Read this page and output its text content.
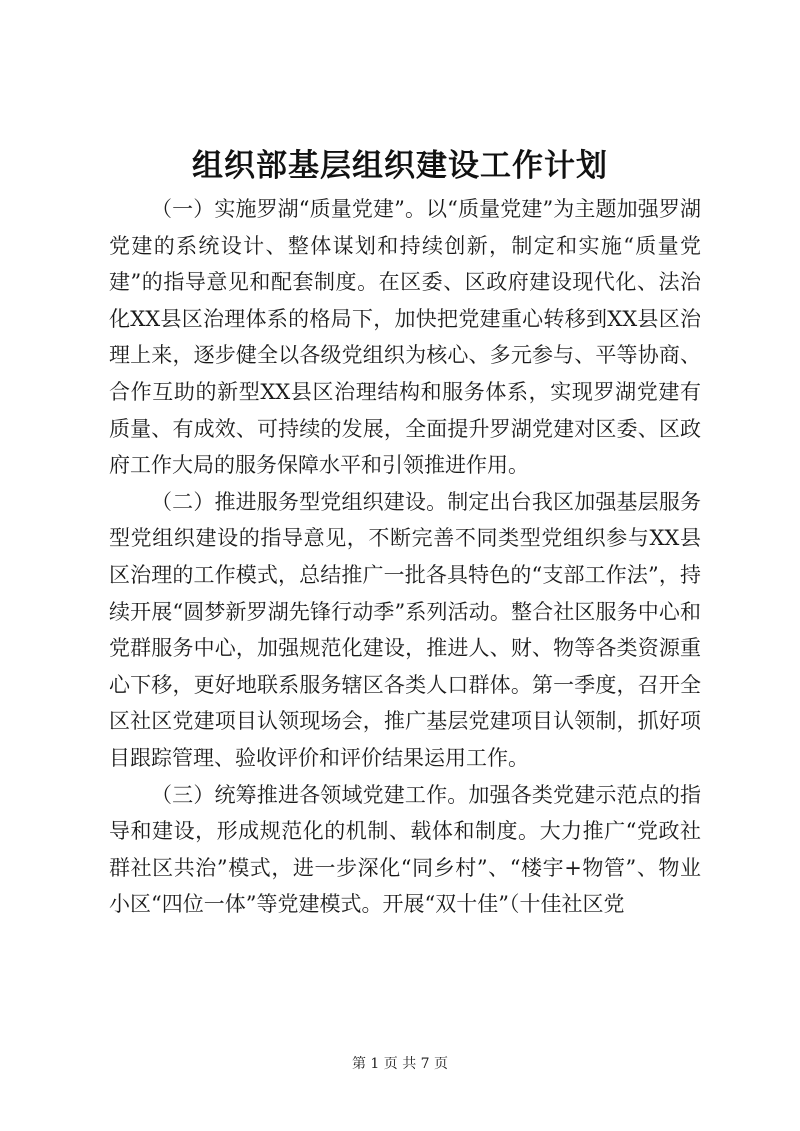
组织部基层组织建设工作计划

（一）实施罗湖“质量党建”。以“质量党建”为主题加强罗湖党建的系统设计、整体谋划和持续创新，制定和实施“质量党建”的指导意见和配套制度。在区委、区政府建设现代化、法治化XX县区治理体系的格局下，加快把党建重心转移到XX县区治理上来，逐步健全以各级党组织为核心、多元参与、平等协商、合作互助的新型XX县区治理结构和服务体系，实现罗湖党建有质量、有成效、可持续的发展，全面提升罗湖党建对区委、区政府工作大局的服务保障水平和引领推进作用。

（二）推进服务型党组织建设。制定出台我区加强基层服务型党组织建设的指导意见，不断完善不同类型党组织参与XX县区治理的工作模式，总结推广一批各具特色的“支部工作法”，持续开展“圆梦新罗湖先锋行动季”系列活动。整合社区服务中心和党群服务中心，加强规范化建设，推进人、财、物等各类资源重心下移，更好地联系服务辖区各类人口群体。第一季度，召开全区社区党建项目认领现场会，推广基层党建项目认领制，抓好项目跟踪管理、验收评价和评价结果运用工作。

（三）统筹推进各领域党建工作。加强各类党建示范点的指导和建设，形成规范化的机制、载体和制度。大力推广“党政社群社区共治”模式，进一步深化“同乡村”、“楼宇+物管”、物业小区“四位一体”等党建模式。开展“双十佳”（十佳社区党

第 1 页 共 7 页
